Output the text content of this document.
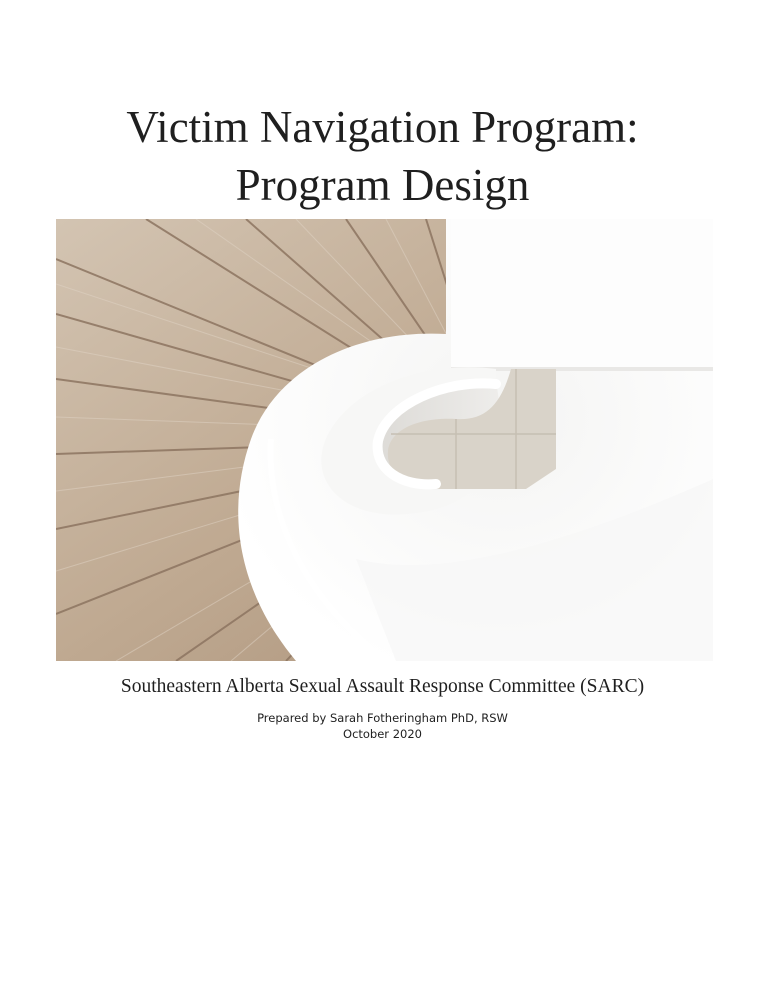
Victim Navigation Program:
Program Design
Southeastern Alberta Sexual Assault Response Committee (SARC)
Prepared by Sarah Fotheringham PhD, RSW
October 2020
